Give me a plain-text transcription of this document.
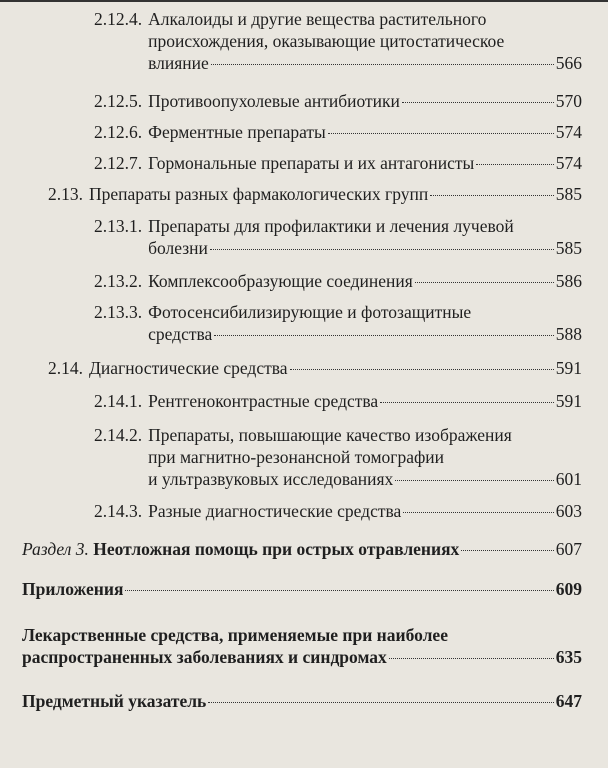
2.12.4. Алкалоиды и другие вещества растительного
происхождения, оказывающие цитостатическое
влияние	566
2.12.5. Противоопухолевые антибиотики	570
2.12.6. Ферментные препараты	574
2.12.7. Гормональные препараты и их антагонисты	574
2.13. Препараты разных фармакологических групп	585
2.13.1. Препараты для профилактики и лечения лучевой
болезни	585
2.13.2. Комплексообразующие соединения	586
2.13.3. Фотосенсибилизирующие и фотозащитные
средства	588
2.14. Диагностические средства	591
2.14.1. Рентгеноконтрастные средства	591
2.14.2. Препараты, повышающие качество изображения
при магнитно-резонансной томографии
и ультразвуковых исследованиях	601
2.14.3. Разные диагностические средства	603
Раздел 3. Неотложная помощь при острых отравлениях	607
Приложения	609
Лекарственные средства, применяемые при наиболее
распространенных заболеваниях и синдромах	635
Предметный указатель	647
